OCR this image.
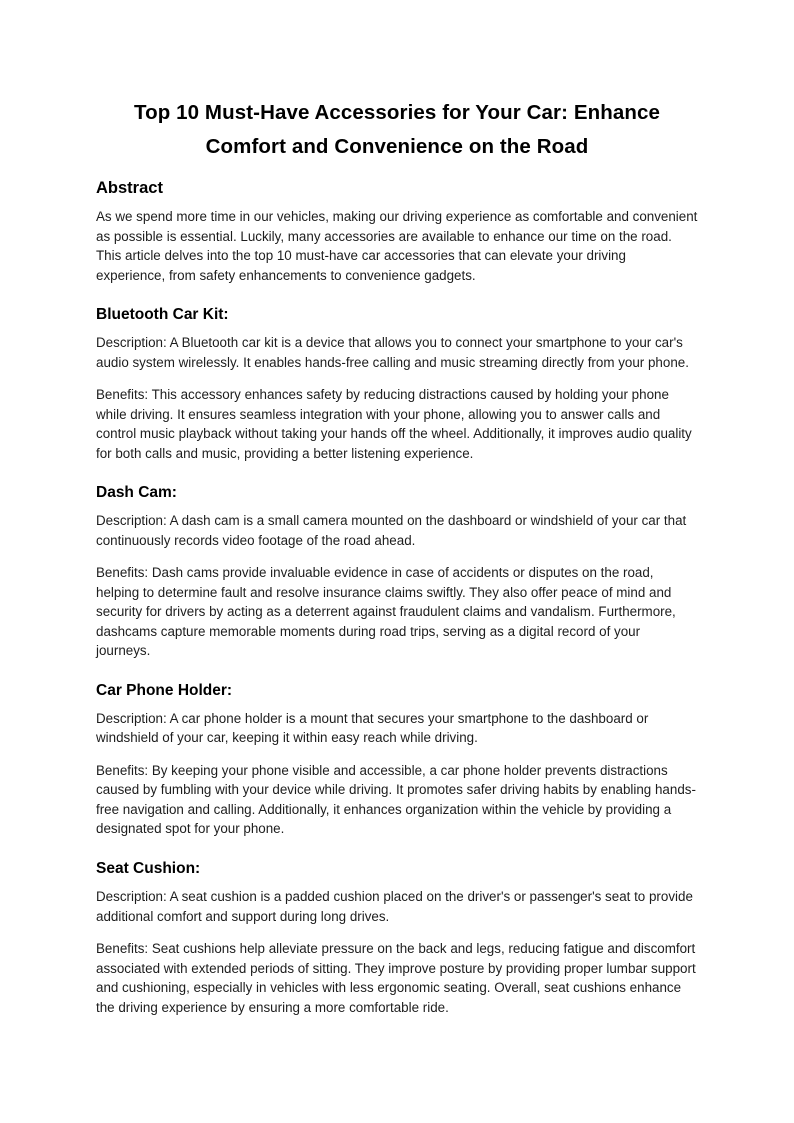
Top 10 Must-Have Accessories for Your Car: Enhance Comfort and Convenience on the Road
Abstract

As we spend more time in our vehicles, making our driving experience as comfortable and convenient as possible is essential. Luckily, many accessories are available to enhance our time on the road. This article delves into the top 10 must-have car accessories that can elevate your driving experience, from safety enhancements to convenience gadgets.

Bluetooth Car Kit:

Description: A Bluetooth car kit is a device that allows you to connect your smartphone to your car's audio system wirelessly. It enables hands-free calling and music streaming directly from your phone.

Benefits: This accessory enhances safety by reducing distractions caused by holding your phone while driving. It ensures seamless integration with your phone, allowing you to answer calls and control music playback without taking your hands off the wheel. Additionally, it improves audio quality for both calls and music, providing a better listening experience.

Dash Cam:

Description: A dash cam is a small camera mounted on the dashboard or windshield of your car that continuously records video footage of the road ahead.

Benefits: Dash cams provide invaluable evidence in case of accidents or disputes on the road, helping to determine fault and resolve insurance claims swiftly. They also offer peace of mind and security for drivers by acting as a deterrent against fraudulent claims and vandalism. Furthermore, dashcams capture memorable moments during road trips, serving as a digital record of your journeys.

Car Phone Holder:

Description: A car phone holder is a mount that secures your smartphone to the dashboard or windshield of your car, keeping it within easy reach while driving.

Benefits: By keeping your phone visible and accessible, a car phone holder prevents distractions caused by fumbling with your device while driving. It promotes safer driving habits by enabling hands-free navigation and calling. Additionally, it enhances organization within the vehicle by providing a designated spot for your phone.

Seat Cushion:

Description: A seat cushion is a padded cushion placed on the driver's or passenger's seat to provide additional comfort and support during long drives.

Benefits: Seat cushions help alleviate pressure on the back and legs, reducing fatigue and discomfort associated with extended periods of sitting. They improve posture by providing proper lumbar support and cushioning, especially in vehicles with less ergonomic seating. Overall, seat cushions enhance the driving experience by ensuring a more comfortable ride.
